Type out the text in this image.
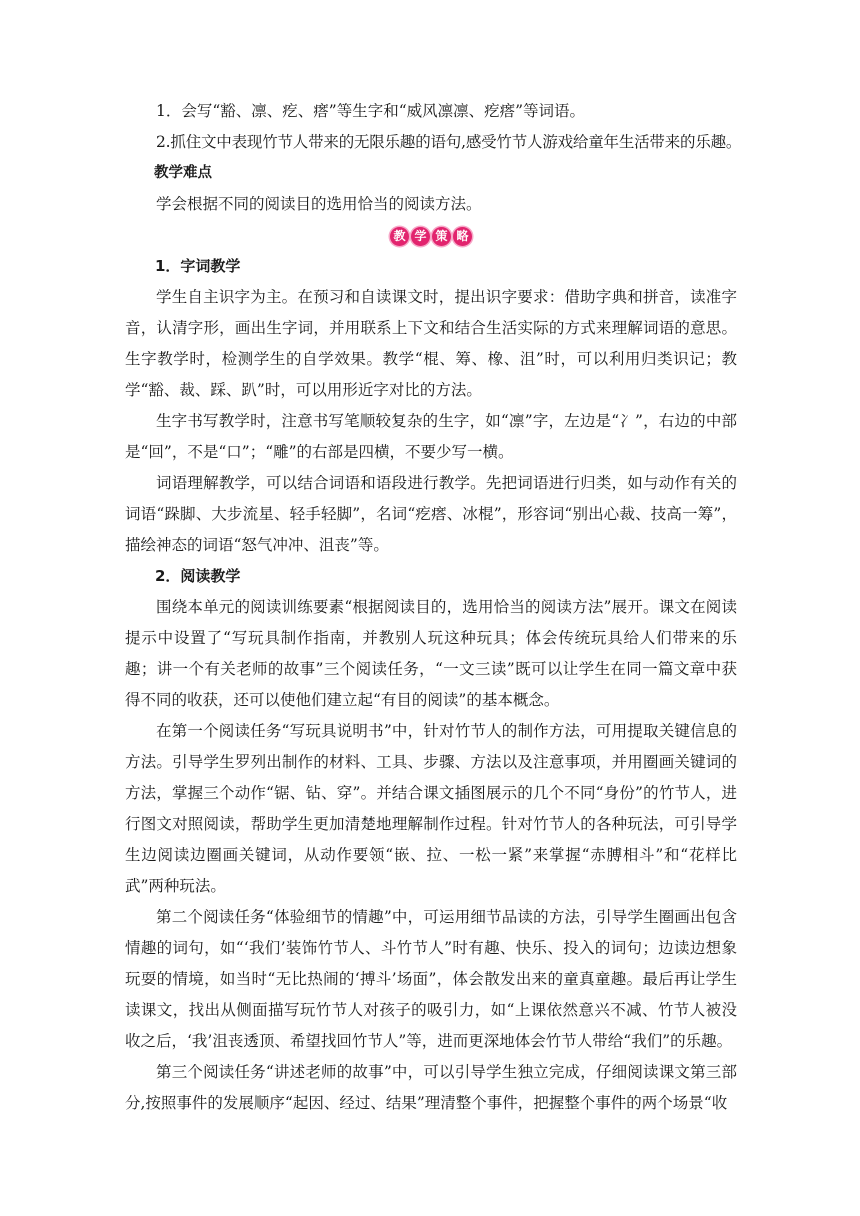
1．会写“豁、凛、疙、瘩”等生字和“威风凛凛、疙瘩”等词语。

2.抓住文中表现竹节人带来的无限乐趣的语句,感受竹节人游戏给童年生活带来的乐趣。

教学难点

学会根据不同的阅读目的选用恰当的阅读方法。

教 学 策 略

1．字词教学

学生自主识字为主。在预习和自读课文时，提出识字要求：借助字典和拼音，读准字音，认清字形，画出生字词，并用联系上下文和结合生活实际的方式来理解词语的意思。生字教学时，检测学生的自学效果。教学“棍、筹、橡、沮”时，可以利用归类识记；教学“豁、裁、踩、趴”时，可以用形近字对比的方法。

生字书写教学时，注意书写笔顺较复杂的生字，如“凛”字，左边是“冫”，右边的中部是“回”，不是“口”；“雕”的右部是四横，不要少写一横。

词语理解教学，可以结合词语和语段进行教学。先把词语进行归类，如与动作有关的词语“跺脚、大步流星、轻手轻脚”，名词“疙瘩、冰棍”，形容词“别出心裁、技高一筹”，描绘神态的词语“怒气冲冲、沮丧”等。

2．阅读教学

围绕本单元的阅读训练要素“根据阅读目的，选用恰当的阅读方法”展开。课文在阅读提示中设置了“写玩具制作指南，并教别人玩这种玩具；体会传统玩具给人们带来的乐趣；讲一个有关老师的故事”三个阅读任务，“一文三读”既可以让学生在同一篇文章中获得不同的收获，还可以使他们建立起“有目的阅读”的基本概念。

在第一个阅读任务“写玩具说明书”中，针对竹节人的制作方法，可用提取关键信息的方法。引导学生罗列出制作的材料、工具、步骤、方法以及注意事项，并用圈画关键词的方法，掌握三个动作“锯、钻、穿”。并结合课文插图展示的几个不同“身份”的竹节人，进行图文对照阅读，帮助学生更加清楚地理解制作过程。针对竹节人的各种玩法，可引导学生边阅读边圈画关键词，从动作要领“嵌、拉、一松一紧”来掌握“赤膊相斗”和“花样比武”两种玩法。

第二个阅读任务“体验细节的情趣”中，可运用细节品读的方法，引导学生圈画出包含情趣的词句，如“‘我们’装饰竹节人、斗竹节人”时有趣、快乐、投入的词句；边读边想象玩耍的情境，如当时“无比热闹的‘搏斗’场面”，体会散发出来的童真童趣。最后再让学生读课文，找出从侧面描写玩竹节人对孩子的吸引力，如“上课依然意兴不减、竹节人被没收之后，‘我’沮丧透顶、希望找回竹节人”等，进而更深地体会竹节人带给“我们”的乐趣。

第三个阅读任务“讲述老师的故事”中，可以引导学生独立完成，仔细阅读课文第三部分,按照事件的发展顺序“起因、经过、结果”理清整个事件，把握整个事件的两个场景“收
